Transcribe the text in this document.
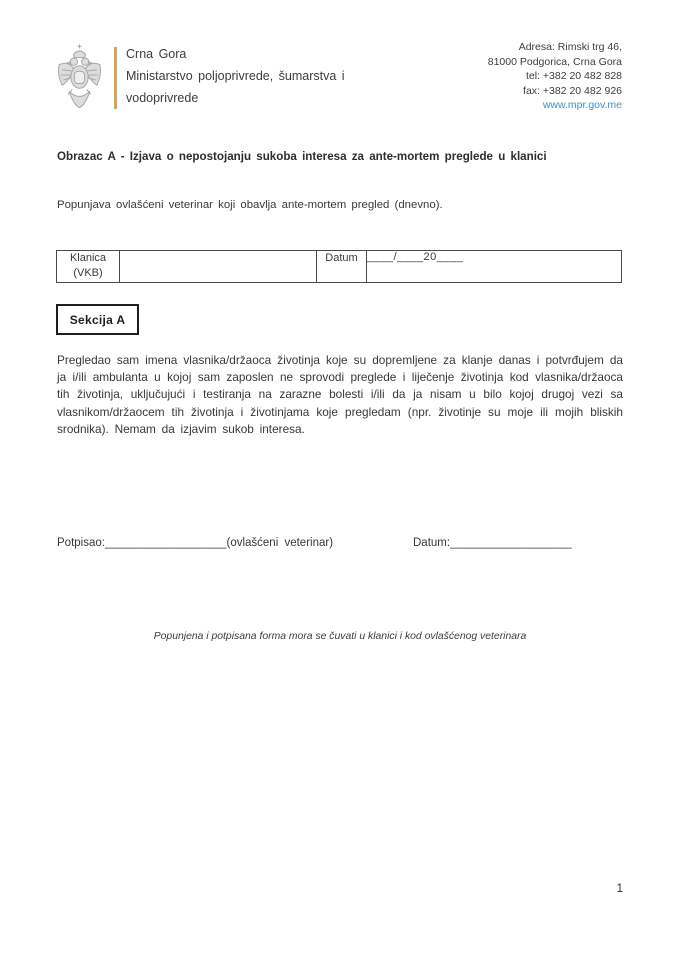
Crna Gora
Ministarstvo poljoprivrede, šumarstva i vodoprivrede
Adresa: Rimski trg 46,
81000 Podgorica, Crna Gora
tel: +382 20 482 828
fax: +382 20 482 926
www.mpr.gov.me
Obrazac A - Izjava o nepostojanju sukoba interesa za ante-mortem preglede u klanici
Popunjava ovlašćeni veterinar koji obavlja ante-mortem pregled (dnevno).
Klanica
(VKB)
		Datum	____/____20____
Sekcija A
Pregledao sam imena vlasnika/držaoca životinja koje su dopremljene za klanje danas i potvrđujem da ja i/ili ambulanta u kojoj sam zaposlen ne sprovodi preglede i liječenje životinja kod vlasnika/držaoca tih životinja, uključujući i testiranja na zarazne bolesti i/ili da ja nisam u bilo kojoj drugoj vezi sa vlasnikom/držaocem tih životinja i životinjama koje pregledam (npr. životinje su moje ili mojih bliskih srodnika). Nemam da izjavim sukob interesa.
Potpisao:___________________(ovlašćeni veterinar)	Datum:___________________
Popunjena i potpisana forma mora se čuvati u klanici i kod ovlašćenog veterinara
1
